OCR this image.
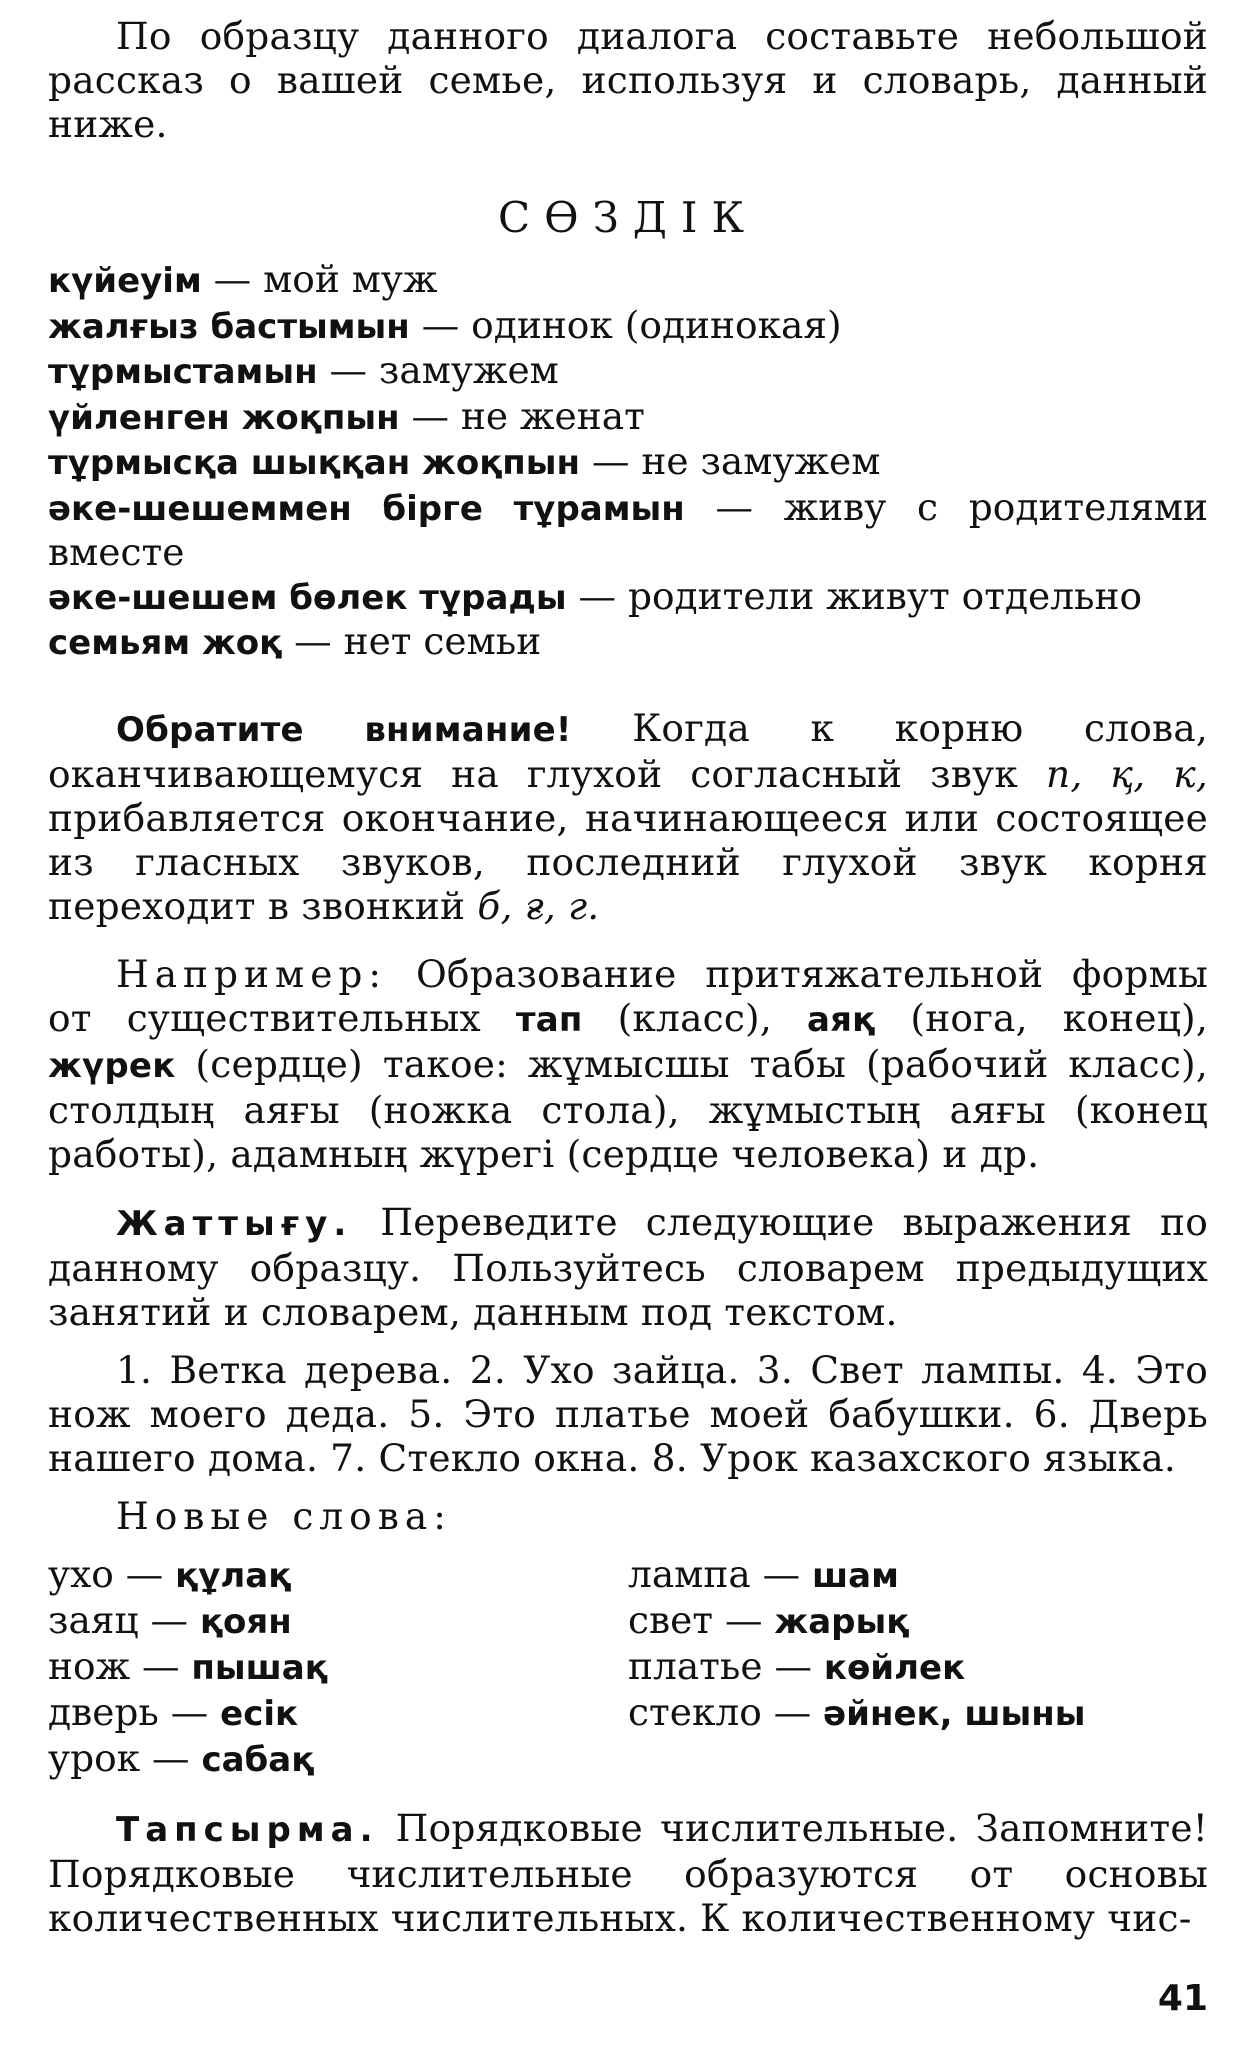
По образцу данного диалога составьте небольшой рассказ о вашей семье, используя и словарь, данный ниже.

СӨЗДІК
күйеуім — мой муж
жалғыз бастымын — одинок (одинокая)
тұрмыстамын — замужем
үйленген жоқпын — не женат
тұрмысқа шыққан жоқпын — не замужем
әке-шешеммен бірге тұрамын — живу с родителями вместе
әке-шешем бөлек тұрады — родители живут отдельно
семьям жоқ — нет семьи

Обратите внимание! Когда к корню слова, оканчивающемуся на глухой согласный звук п, қ, к, прибавляется окончание, начинающееся или состоящее из гласных звуков, последний глухой звук корня переходит в звонкий б, ғ, г.

Например: Образование притяжательной формы от существительных тап (класс), аяқ (нога, конец), жүрек (сердце) такое: жұмысшы табы (рабочий класс), столдың аяғы (ножка стола), жұмыстың аяғы (конец работы), адамның жүрегі (сердце человека) и др.

Жаттығу. Переведите следующие выражения по данному образцу. Пользуйтесь словарем предыдущих занятий и словарем, данным под текстом.

1. Ветка дерева. 2. Ухо зайца. 3. Свет лампы. 4. Это нож моего деда. 5. Это платье моей бабушки. 6. Дверь нашего дома. 7. Стекло окна. 8. Урок казахского языка.

Новые слова:

ухо — құлақ
заяц — қоян
нож — пышақ
дверь — есік
урок — сабақ
лампа — шам
свет — жарық
платье — көйлек
стекло — әйнек, шыны

Тапсырма. Порядковые числительные. Запомните! Порядковые числительные образуются от основы количественных числительных. К количественному чис-

41
